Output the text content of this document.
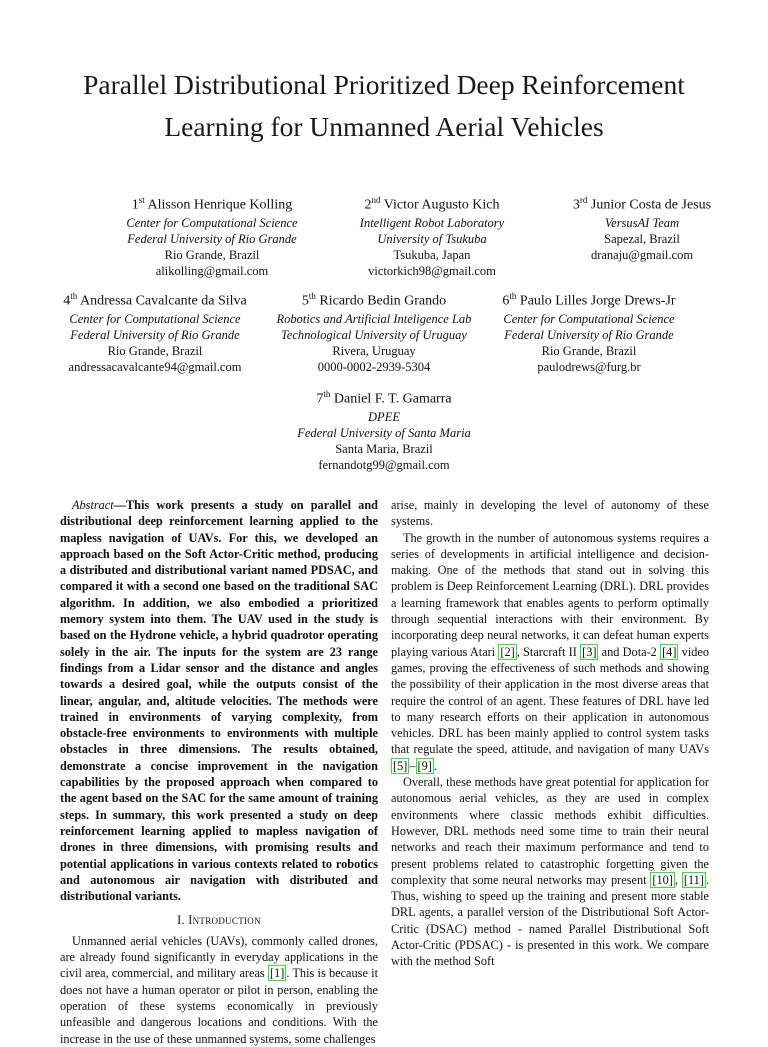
Parallel Distributional Prioritized Deep Reinforcement Learning for Unmanned Aerial Vehicles
1st Alisson Henrique Kolling
Center for Computational Science
Federal University of Rio Grande
Rio Grande, Brazil
alikolling@gmail.com
2nd Victor Augusto Kich
Intelligent Robot Laboratory
University of Tsukuba
Tsukuba, Japan
victorkich98@gmail.com
3rd Junior Costa de Jesus
VersusAI Team
Sapezal, Brazil
dranaju@gmail.com
4th Andressa Cavalcante da Silva
Center for Computational Science
Federal University of Rio Grande
Rio Grande, Brazil
andressacavalcante94@gmail.com
5th Ricardo Bedin Grando
Robotics and Artificial Inteligence Lab
Technological University of Uruguay
Rivera, Uruguay
0000-0002-2939-5304
6th Paulo Lilles Jorge Drews-Jr
Center for Computational Science
Federal University of Rio Grande
Rio Grande, Brazil
paulodrews@furg.br
7th Daniel F. T. Gamarra
DPEE
Federal University of Santa Maria
Santa Maria, Brazil
fernandotg99@gmail.com

Abstract—This work presents a study on parallel and distributional deep reinforcement learning applied to the mapless navigation of UAVs. For this, we developed an approach based on the Soft Actor-Critic method, producing a distributed and distributional variant named PDSAC, and compared it with a second one based on the traditional SAC algorithm. In addition, we also embodied a prioritized memory system into them. The UAV used in the study is based on the Hydrone vehicle, a hybrid quadrotor operating solely in the air. The inputs for the system are 23 range findings from a Lidar sensor and the distance and angles towards a desired goal, while the outputs consist of the linear, angular, and, altitude velocities. The methods were trained in environments of varying complexity, from obstacle-free environments to environments with multiple obstacles in three dimensions. The results obtained, demonstrate a concise improvement in the navigation capabilities by the proposed approach when compared to the agent based on the SAC for the same amount of training steps. In summary, this work presented a study on deep reinforcement learning applied to mapless navigation of drones in three dimensions, with promising results and potential applications in various contexts related to robotics and autonomous air navigation with distributed and distributional variants.

I. Introduction

Unmanned aerial vehicles (UAVs), commonly called drones, are already found significantly in everyday applications in the civil area, commercial, and military areas [1] . This is because it does not have a human operator or pilot in person, enabling the operation of these systems economically in previously unfeasible and dangerous locations and conditions. With the increase in the use of these unmanned systems, some challenges

arise, mainly in developing the level of autonomy of these systems.

The growth in the number of autonomous systems requires a series of developments in artificial intelligence and decision-making. One of the methods that stand out in solving this problem is Deep Reinforcement Learning (DRL). DRL provides a learning framework that enables agents to perform optimally through sequential interactions with their environment. By incorporating deep neural networks, it can defeat human experts playing various Atari [2] , Starcraft II [3] and Dota-2 [4] video games, proving the effectiveness of such methods and showing the possibility of their application in the most diverse areas that require the control of an agent. These features of DRL have led to many research efforts on their application in autonomous vehicles. DRL has been mainly applied to control system tasks that regulate the speed, attitude, and navigation of many UAVs [5] – [9] .

Overall, these methods have great potential for application for autonomous aerial vehicles, as they are used in complex environments where classic methods exhibit difficulties. However, DRL methods need some time to train their neural networks and reach their maximum performance and tend to present problems related to catastrophic forgetting given the complexity that some neural networks may present [10] , [11] . Thus, wishing to speed up the training and present more stable DRL agents, a parallel version of the Distributional Soft Actor-Critic (DSAC) method - named Parallel Distributional Soft Actor-Critic (PDSAC) - is presented in this work. We compare with the method Soft
